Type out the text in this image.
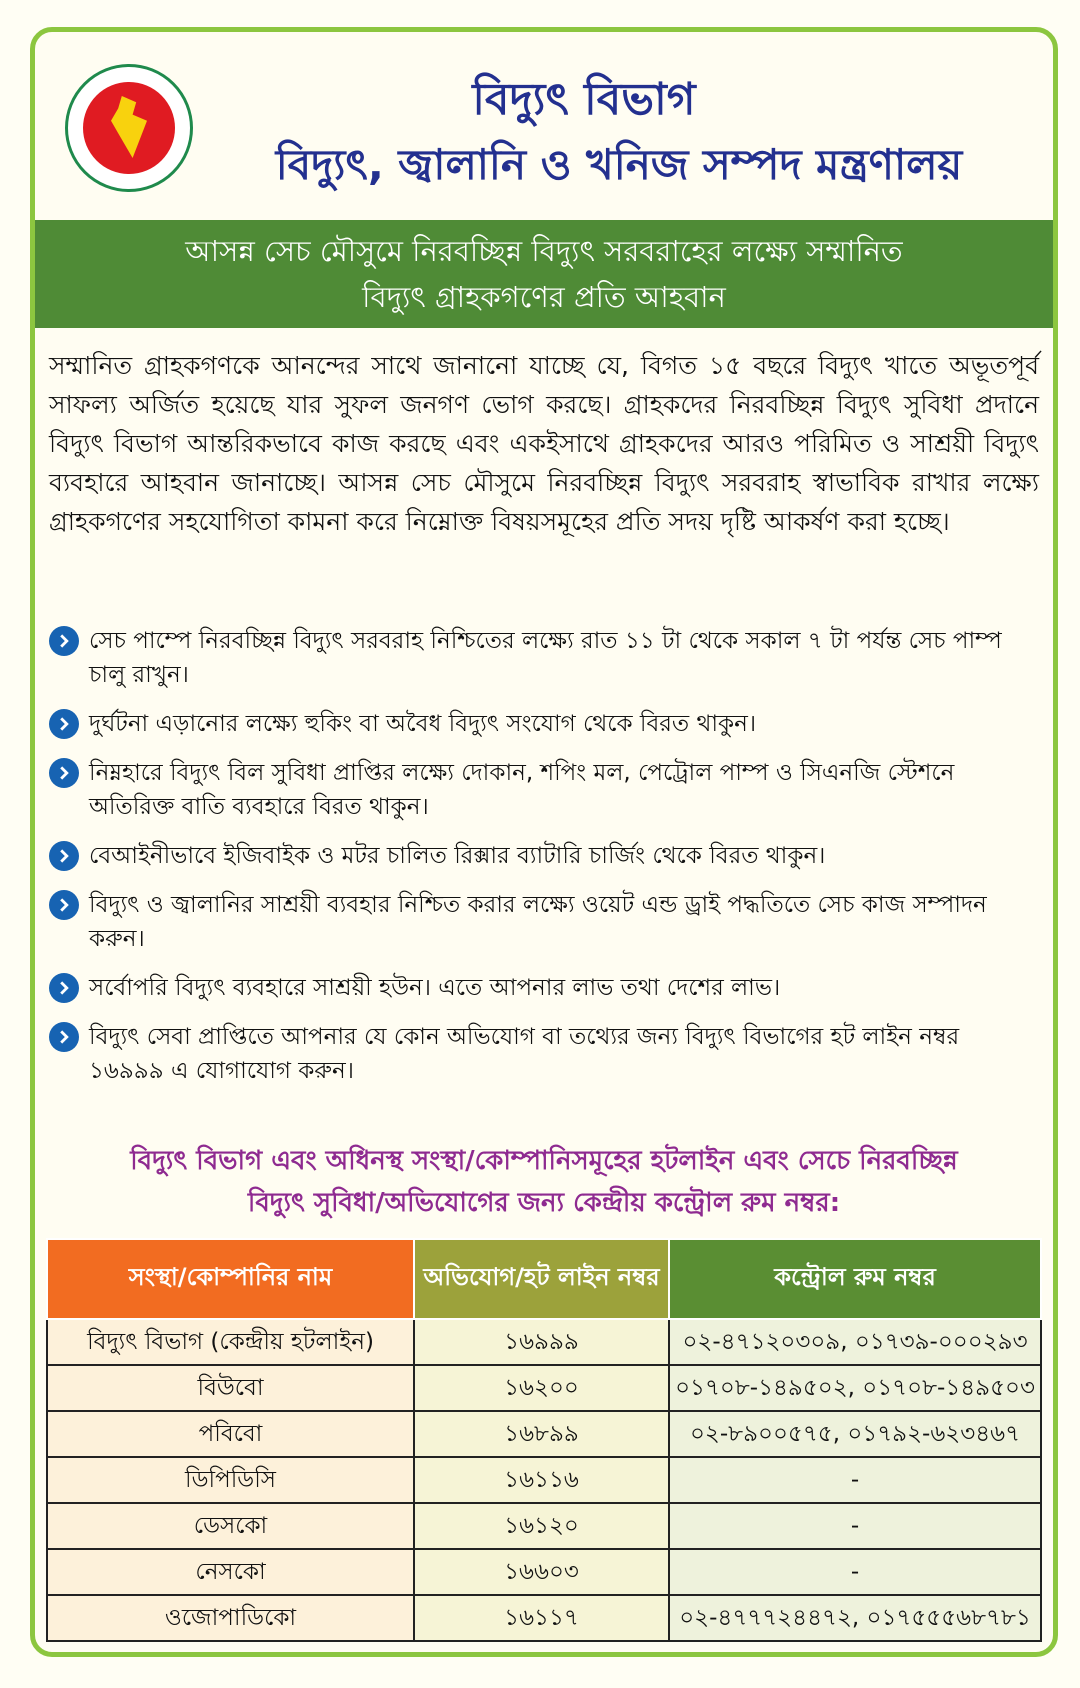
বিদ্যুৎ বিভাগ
বিদ্যুৎ, জ্বালানি ও খনিজ সম্পদ মন্ত্রণালয়
আসন্ন সেচ মৌসুমে নিরবচ্ছিন্ন বিদ্যুৎ সরবরাহের লক্ষ্যে সম্মানিত
বিদ্যুৎ গ্রাহকগণের প্রতি আহবান

সম্মানিত গ্রাহকগণকে আনন্দের সাথে জানানো যাচ্ছে যে, বিগত ১৫ বছরে বিদ্যুৎ খাতে অভূতপূর্ব সাফল্য অর্জিত হয়েছে যার সুফল জনগণ ভোগ করছে। গ্রাহকদের নিরবচ্ছিন্ন বিদ্যুৎ সুবিধা প্রদানে বিদ্যুৎ বিভাগ আন্তরিকভাবে কাজ করছে এবং একইসাথে গ্রাহকদের আরও পরিমিত ও সাশ্রয়ী বিদ্যুৎ ব্যবহারে আহবান জানাচ্ছে। আসন্ন সেচ মৌসুমে নিরবচ্ছিন্ন বিদ্যুৎ সরবরাহ স্বাভাবিক রাখার লক্ষ্যে গ্রাহকগণের সহযোগিতা কামনা করে নিম্নোক্ত বিষয়সমূহের প্রতি সদয় দৃষ্টি আকর্ষণ করা হচ্ছে।

সেচ পাম্পে নিরবচ্ছিন্ন বিদ্যুৎ সরবরাহ নিশ্চিতের লক্ষ্যে রাত ১১ টা থেকে সকাল ৭ টা পর্যন্ত সেচ পাম্প চালু রাখুন।
দুর্ঘটনা এড়ানোর লক্ষ্যে হুকিং বা অবৈধ বিদ্যুৎ সংযোগ থেকে বিরত থাকুন।
নিম্নহারে বিদ্যুৎ বিল সুবিধা প্রাপ্তির লক্ষ্যে দোকান, শপিং মল, পেট্রোল পাম্প ও সিএনজি স্টেশনে অতিরিক্ত বাতি ব্যবহারে বিরত থাকুন।
বেআইনীভাবে ইজিবাইক ও মটর চালিত রিক্সার ব্যাটারি চার্জিং থেকে বিরত থাকুন।
বিদ্যুৎ ও জ্বালানির সাশ্রয়ী ব্যবহার নিশ্চিত করার লক্ষ্যে ওয়েট এন্ড ড্রাই পদ্ধতিতে সেচ কাজ সম্পাদন করুন।
সর্বোপরি বিদ্যুৎ ব্যবহারে সাশ্রয়ী হউন। এতে আপনার লাভ তথা দেশের লাভ।
বিদ্যুৎ সেবা প্রাপ্তিতে আপনার যে কোন অভিযোগ বা তথ্যের জন্য বিদ্যুৎ বিভাগের হট লাইন নম্বর ১৬৯৯৯ এ যোগাযোগ করুন।
বিদ্যুৎ বিভাগ এবং অধিনস্থ সংস্থা/কোম্পানিসমূহের হটলাইন এবং সেচে নিরবচ্ছিন্ন
বিদ্যুৎ সুবিধা/অভিযোগের জন্য কেন্দ্রীয় কন্ট্রোল রুম নম্বর:
সংস্থা/কোম্পানির নাম	অভিযোগ/হট লাইন নম্বর	কন্ট্রোল রুম নম্বর
বিদ্যুৎ বিভাগ (কেন্দ্রীয় হটলাইন)	১৬৯৯৯	০২-৪৭১২০৩০৯, ০১৭৩৯-০০০২৯৩
বিউবো	১৬২০০	০১৭০৮-১৪৯৫০২, ০১৭০৮-১৪৯৫০৩
পবিবো	১৬৮৯৯	০২-৮৯০০৫৭৫, ০১৭৯২-৬২৩৪৬৭
ডিপিডিসি	১৬১১৬	-
ডেসকো	১৬১২০	-
নেসকো	১৬৬০৩	-
ওজোপাডিকো	১৬১১৭	০২-৪৭৭৭২৪৪৭২, ০১৭৫৫৫৬৮৭৮১
